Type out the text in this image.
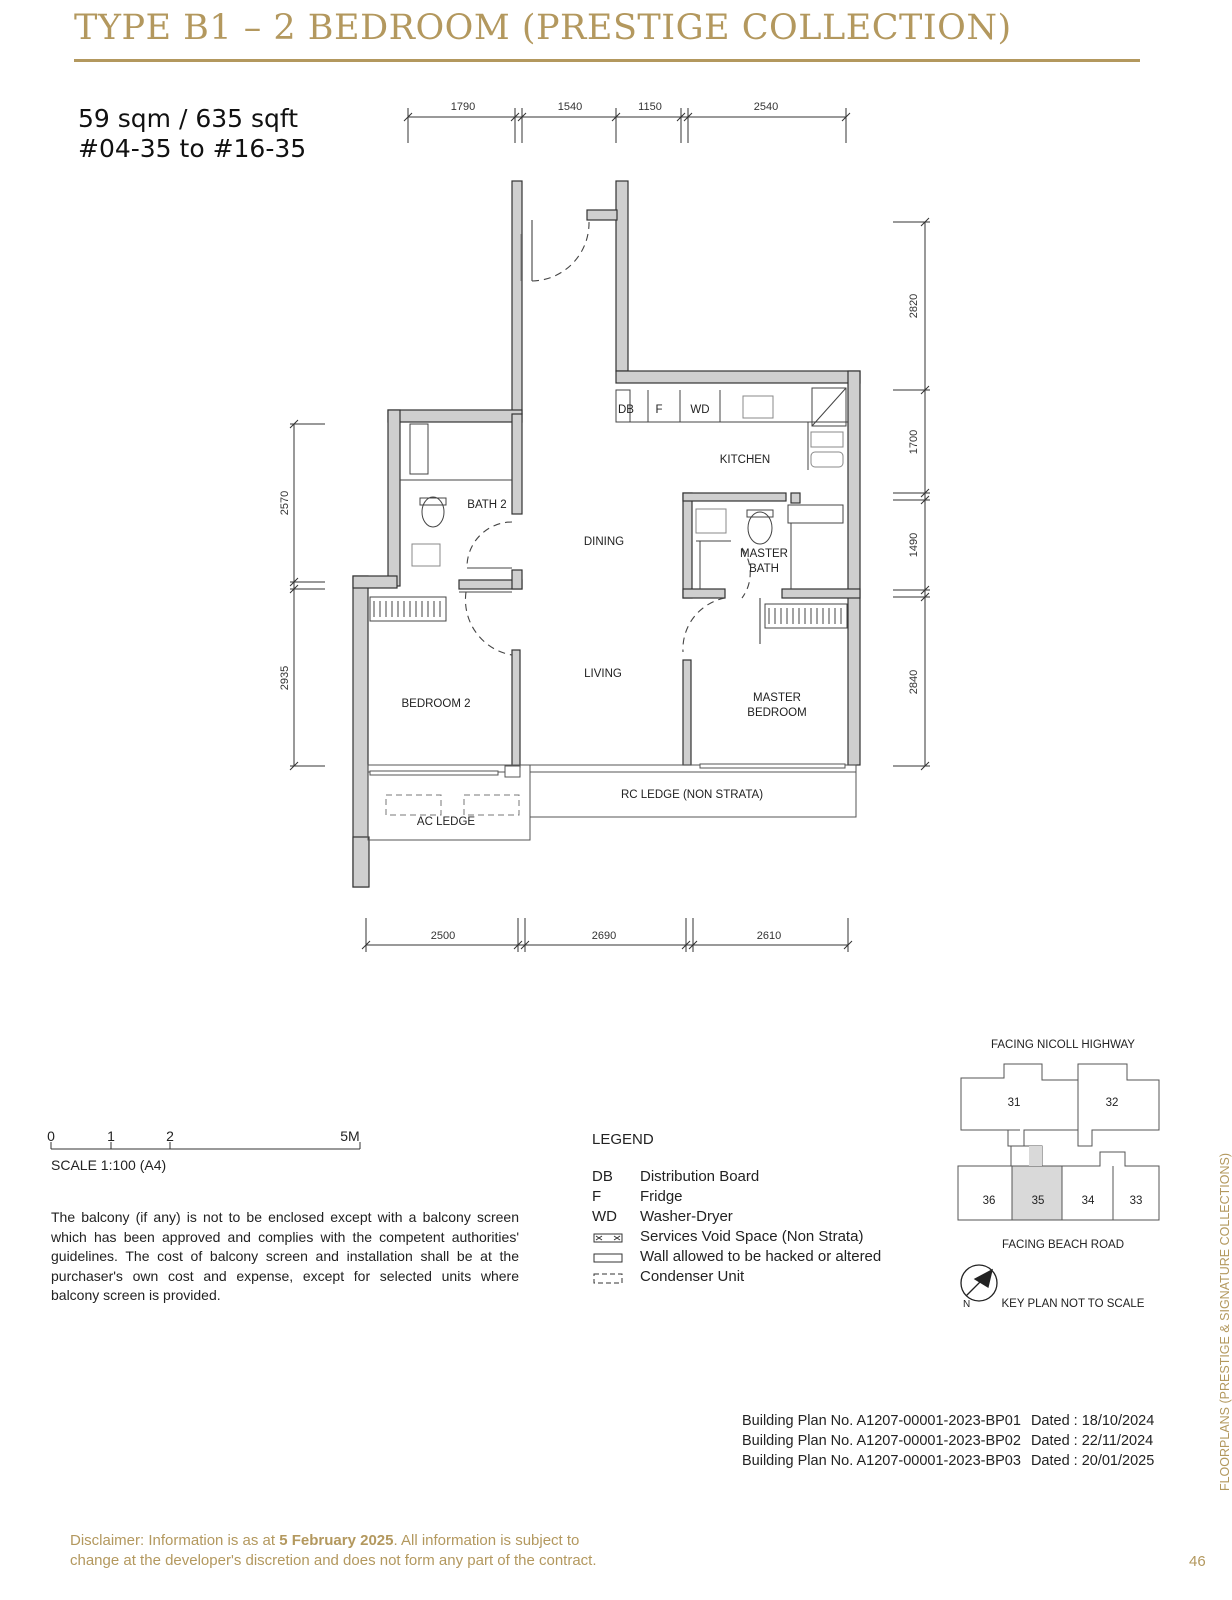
TYPE B1 – 2 BEDROOM (PRESTIGE COLLECTION)
59 sqm / 635 sqft
#04-35 to #16-35
1790	1540	1150	2540
2500	2690	2610
2570
2935
2820
1700
1490
2840
DB F WD
KITCHEN
BATH 2
DINING
MASTER
BATH
LIVING
BEDROOM 2	MASTER
BEDROOM
RC LEDGE (NON STRATA)
AC LEDGE
0	1	2	5M
FACING NICOLL HIGHWAY
31	32
36	35	34	33
FACING BEACH ROAD
KEY PLAN NOT TO SCALE
N
SCALE 1:100 (A4)
The balcony (if any) is not to be enclosed except with a balcony screen which has been approved and complies with the competent authorities' guidelines. The cost of balcony screen and installation shall be at the purchaser's own cost and expense, except for selected units where balcony screen is provided.
LEGEND
DB	Distribution Board
F	Fridge
WD	Washer-Dryer
Services Void Space (Non Strata)
Wall allowed to be hacked or altered
Condenser Unit
Building Plan No. A1207-00001-2023-BP01 Dated : 18/10/2024
Building Plan No. A1207-00001-2023-BP02 Dated : 22/11/2024
Building Plan No. A1207-00001-2023-BP03 Dated : 20/01/2025
Disclaimer: Information is as at 5 February 2025. All information is subject to
change at the developer's discretion and does not form any part of the contract.
FLOORPLANS (PRESTIGE & SIGNATURE COLLECTIONS)
46
